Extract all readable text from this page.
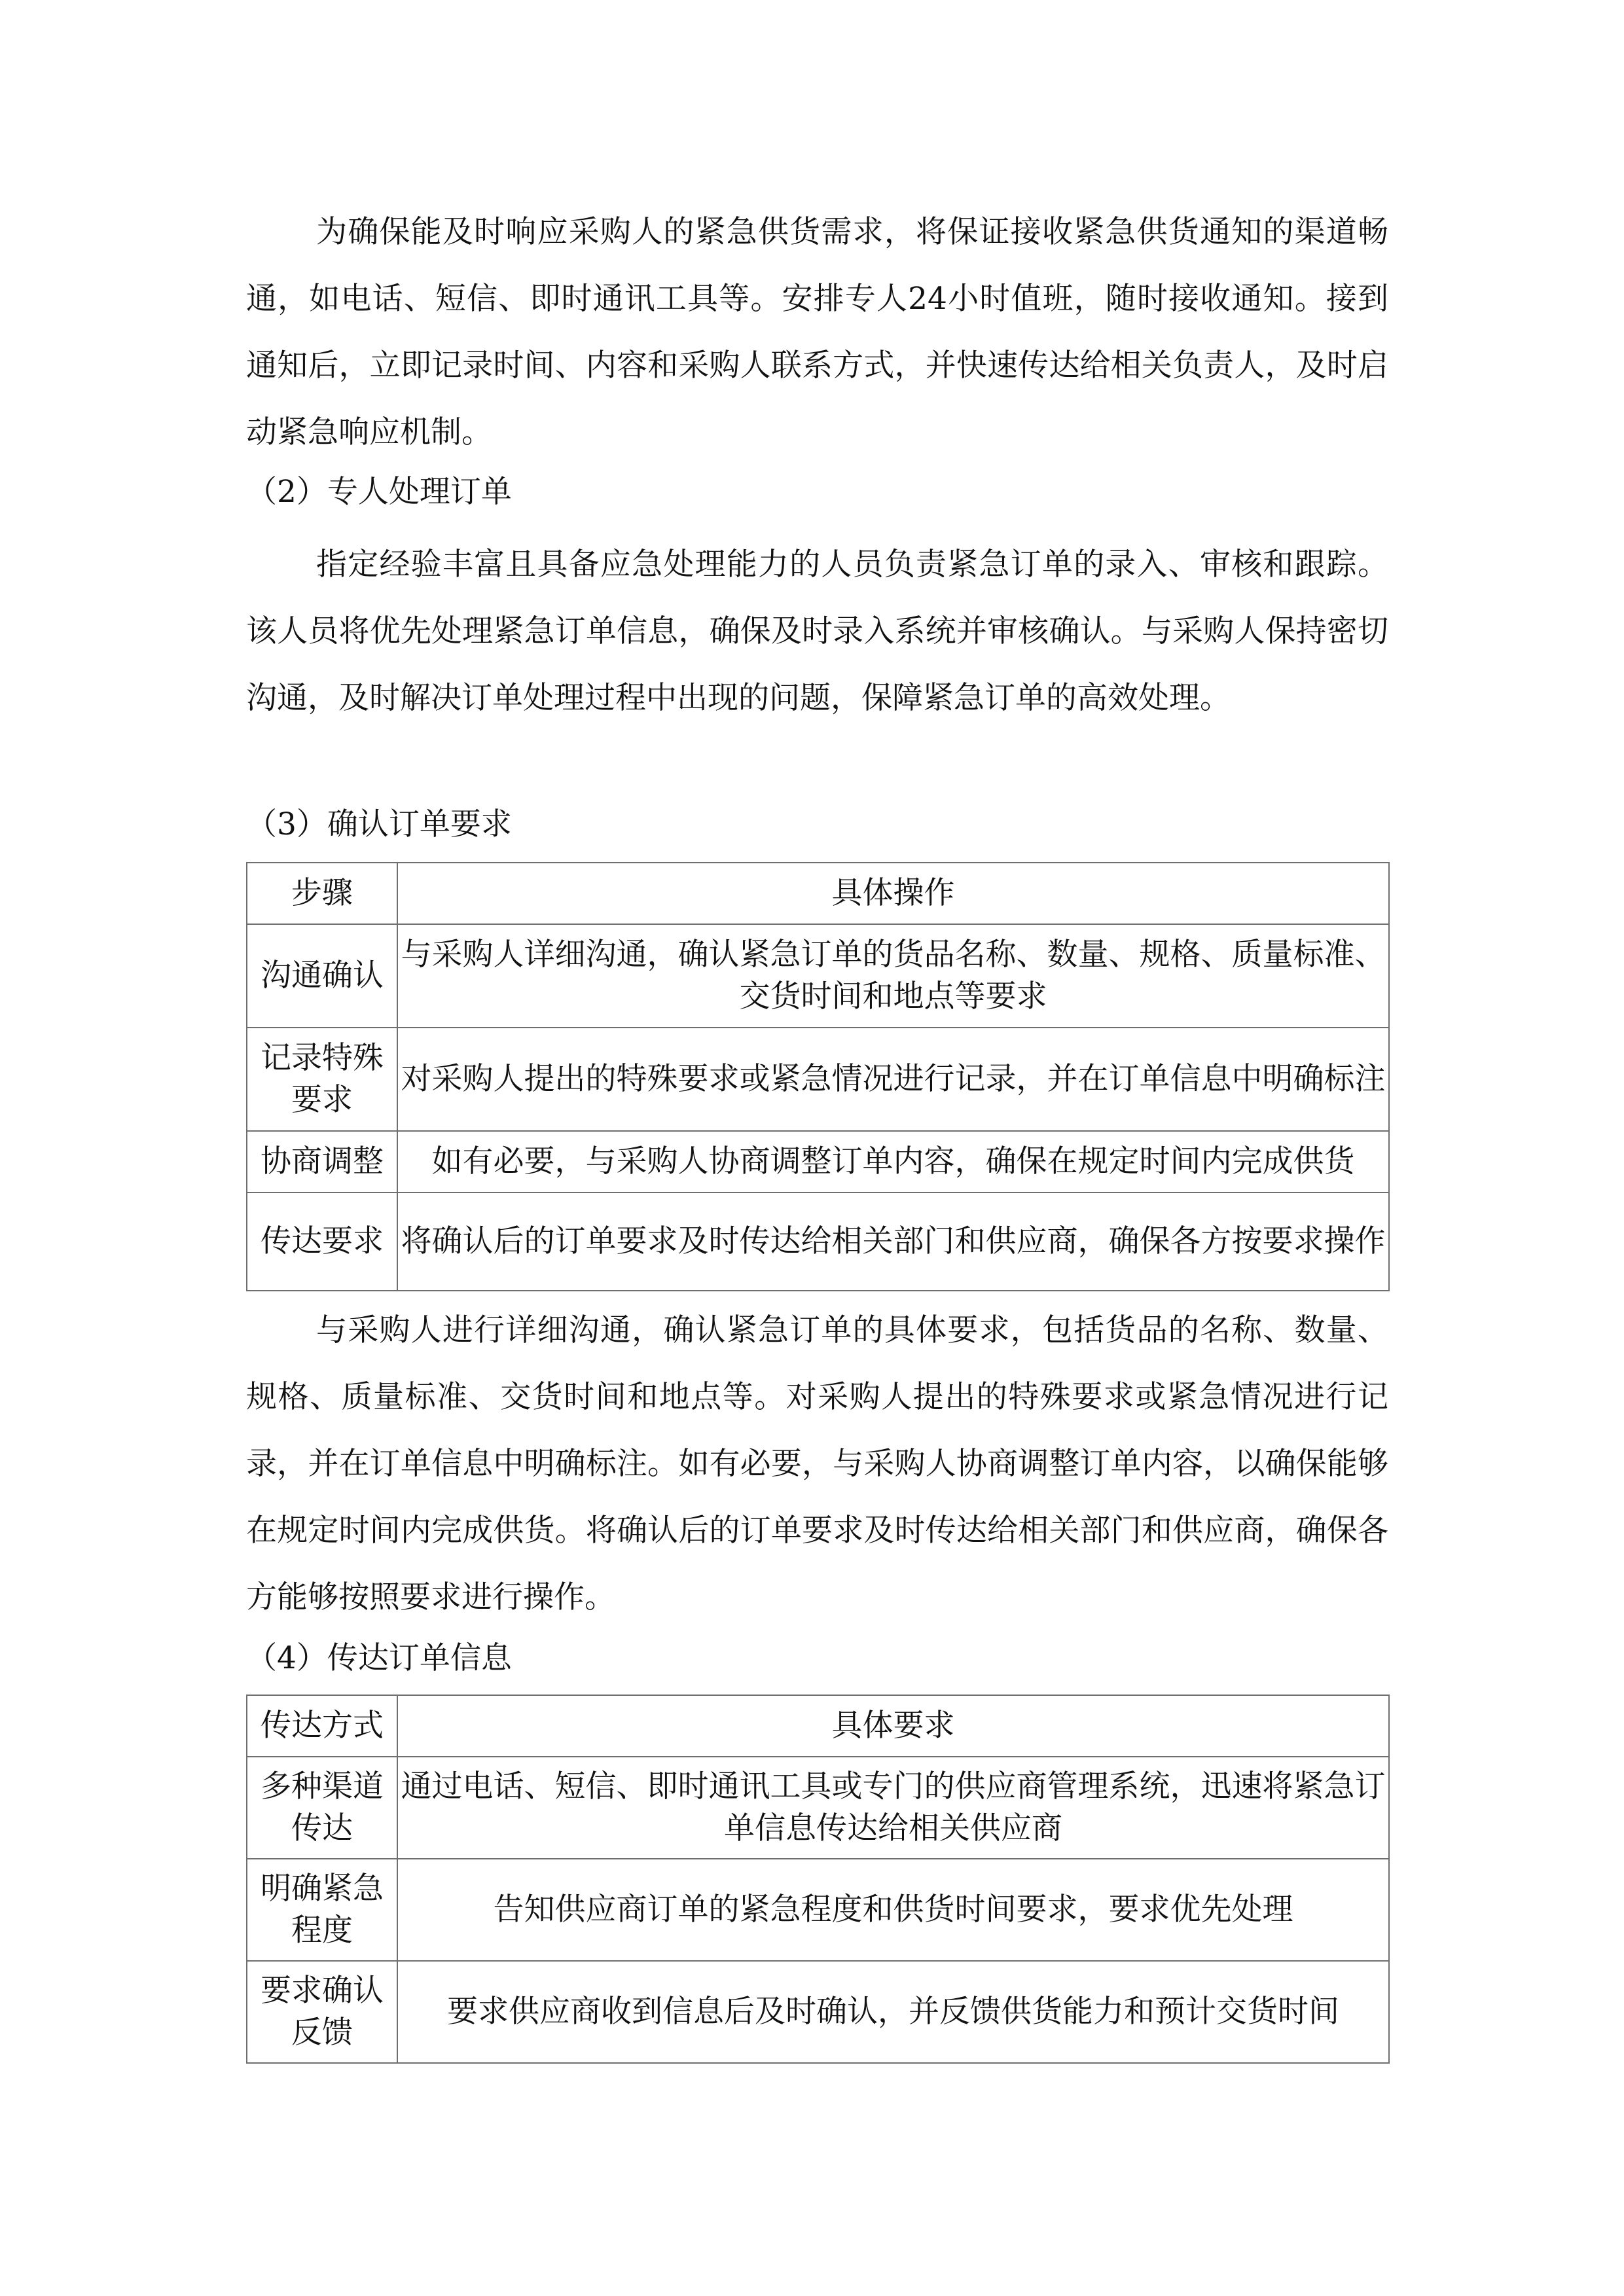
为确保能及时响应采购人的紧急供货需求，将保证接收紧急供货通知的渠道畅通，如电话、短信、即时通讯工具等。安排专人24小时值班，随时接收通知。接到通知后，立即记录时间、内容和采购人联系方式，并快速传达给相关负责人，及时启动紧急响应机制。

（2）专人处理订单

指定经验丰富且具备应急处理能力的人员负责紧急订单的录入、审核和跟踪。该人员将优先处理紧急订单信息，确保及时录入系统并审核确认。与采购人保持密切沟通，及时解决订单处理过程中出现的问题，保障紧急订单的高效处理。

（3）确认订单要求

步骤	具体操作
沟通确认	与采购人详细沟通，确认紧急订单的货品名称、数量、规格、质量标准、交货时间和地点等要求
记录特殊要求	对采购人提出的特殊要求或紧急情况进行记录，并在订单信息中明确标注
协商调整	如有必要，与采购人协商调整订单内容，确保在规定时间内完成供货
传达要求	将确认后的订单要求及时传达给相关部门和供应商，确保各方按要求操作

与采购人进行详细沟通，确认紧急订单的具体要求，包括货品的名称、数量、规格、质量标准、交货时间和地点等。对采购人提出的特殊要求或紧急情况进行记录，并在订单信息中明确标注。如有必要，与采购人协商调整订单内容，以确保能够在规定时间内完成供货。将确认后的订单要求及时传达给相关部门和供应商，确保各方能够按照要求进行操作。

（4）传达订单信息

传达方式	具体要求
多种渠道传达	通过电话、短信、即时通讯工具或专门的供应商管理系统，迅速将紧急订单信息传达给相关供应商
明确紧急程度	告知供应商订单的紧急程度和供货时间要求，要求优先处理
要求确认反馈	要求供应商收到信息后及时确认，并反馈供货能力和预计交货时间
